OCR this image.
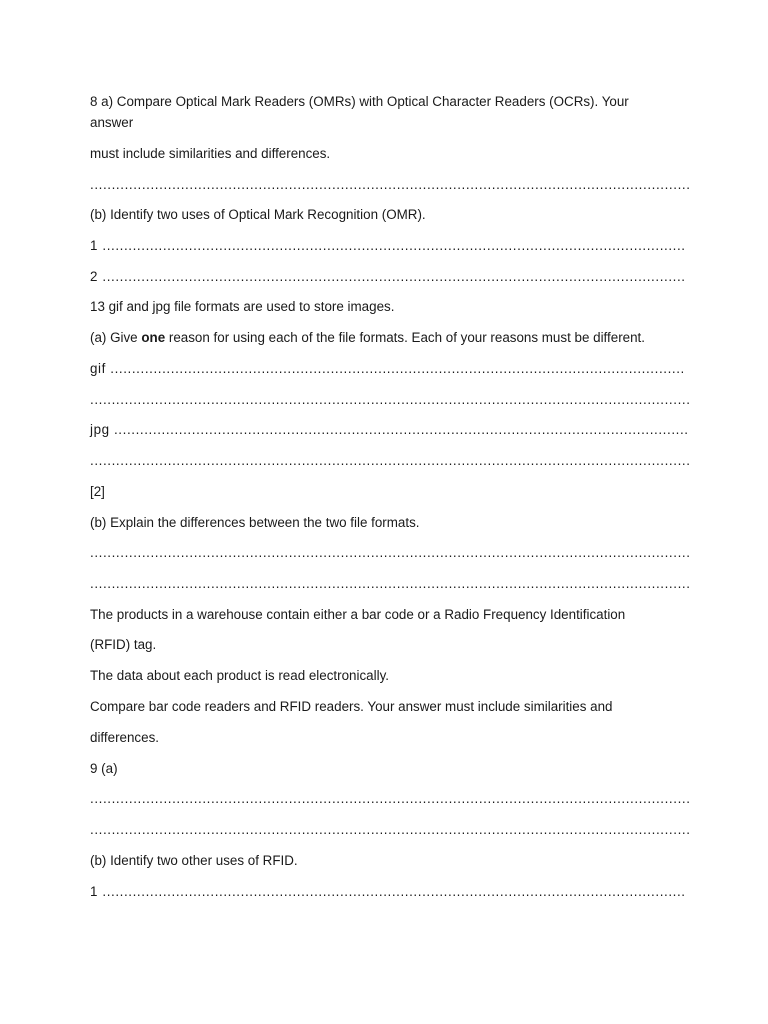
8 a) Compare Optical Mark Readers (OMRs) with Optical Character Readers (OCRs). Your
answer
must include similarities and differences.
...........................................................................................................................................
(b) Identify two uses of Optical Mark Recognition (OMR).
1 .......................................................................................................................................
2 .......................................................................................................................................
13 gif and jpg file formats are used to store images.
(a) Give one reason for using each of the file formats. Each of your reasons must be different.
gif .....................................................................................................................................
...........................................................................................................................................
jpg .....................................................................................................................................
...........................................................................................................................................
[2]
(b) Explain the differences between the two file formats.
...........................................................................................................................................
...........................................................................................................................................
The products in a warehouse contain either a bar code or a Radio Frequency Identification
(RFID) tag.
The data about each product is read electronically.
Compare bar code readers and RFID readers. Your answer must include similarities and
differences.
9 (a)
...........................................................................................................................................
...........................................................................................................................................
(b) Identify two other uses of RFID.
1 .......................................................................................................................................
